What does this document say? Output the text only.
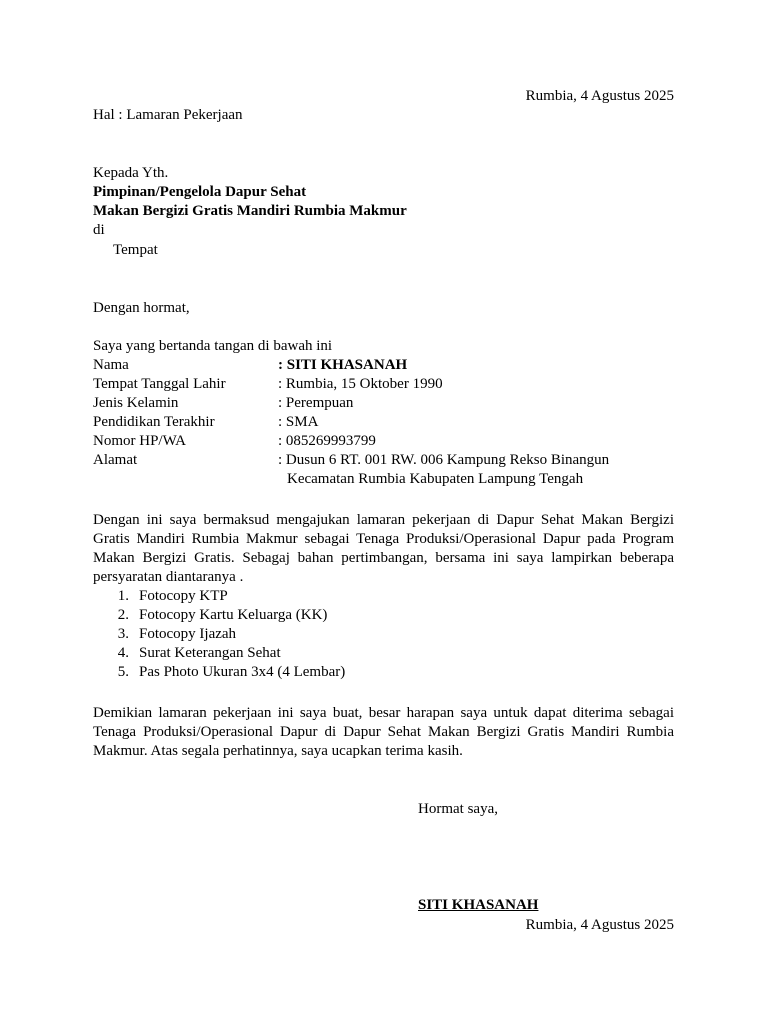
Rumbia, 4 Agustus 2025
Hal : Lamaran Pekerjaan
Kepada Yth.
Pimpinan/Pengelola Dapur Sehat
Makan Bergizi Gratis Mandiri Rumbia Makmur
di
Tempat
Dengan hormat,
Saya yang bertanda tangan di bawah ini
Nama	: SITI KHASANAH
Tempat Tanggal Lahir	: Rumbia, 15 Oktober 1990
Jenis Kelamin	: Perempuan
Pendidikan Terakhir	: SMA
Nomor HP/WA	: 085269993799
Alamat	: Dusun 6 RT. 001 RW. 006 Kampung Rekso Binangun
Kecamatan Rumbia Kabupaten Lampung Tengah
Dengan ini saya bermaksud mengajukan lamaran pekerjaan di Dapur Sehat Makan Bergizi Gratis Mandiri Rumbia Makmur sebagai Tenaga Produksi/Operasional Dapur pada Program Makan Bergizi Gratis. Sebagaj bahan pertimbangan, bersama ini saya lampirkan beberapa persyaratan diantaranya .
1. Fotocopy KTP
2. Fotocopy Kartu Keluarga (KK)
3. Fotocopy Ijazah
4. Surat Keterangan Sehat
5. Pas Photo Ukuran 3x4 (4 Lembar)
Demikian lamaran pekerjaan ini saya buat, besar harapan saya untuk dapat diterima sebagai Tenaga Produksi/Operasional Dapur di Dapur Sehat Makan Bergizi Gratis Mandiri Rumbia Makmur. Atas segala perhatinnya, saya ucapkan terima kasih.
Hormat saya,
SITI KHASANAH
Rumbia, 4 Agustus 2025
